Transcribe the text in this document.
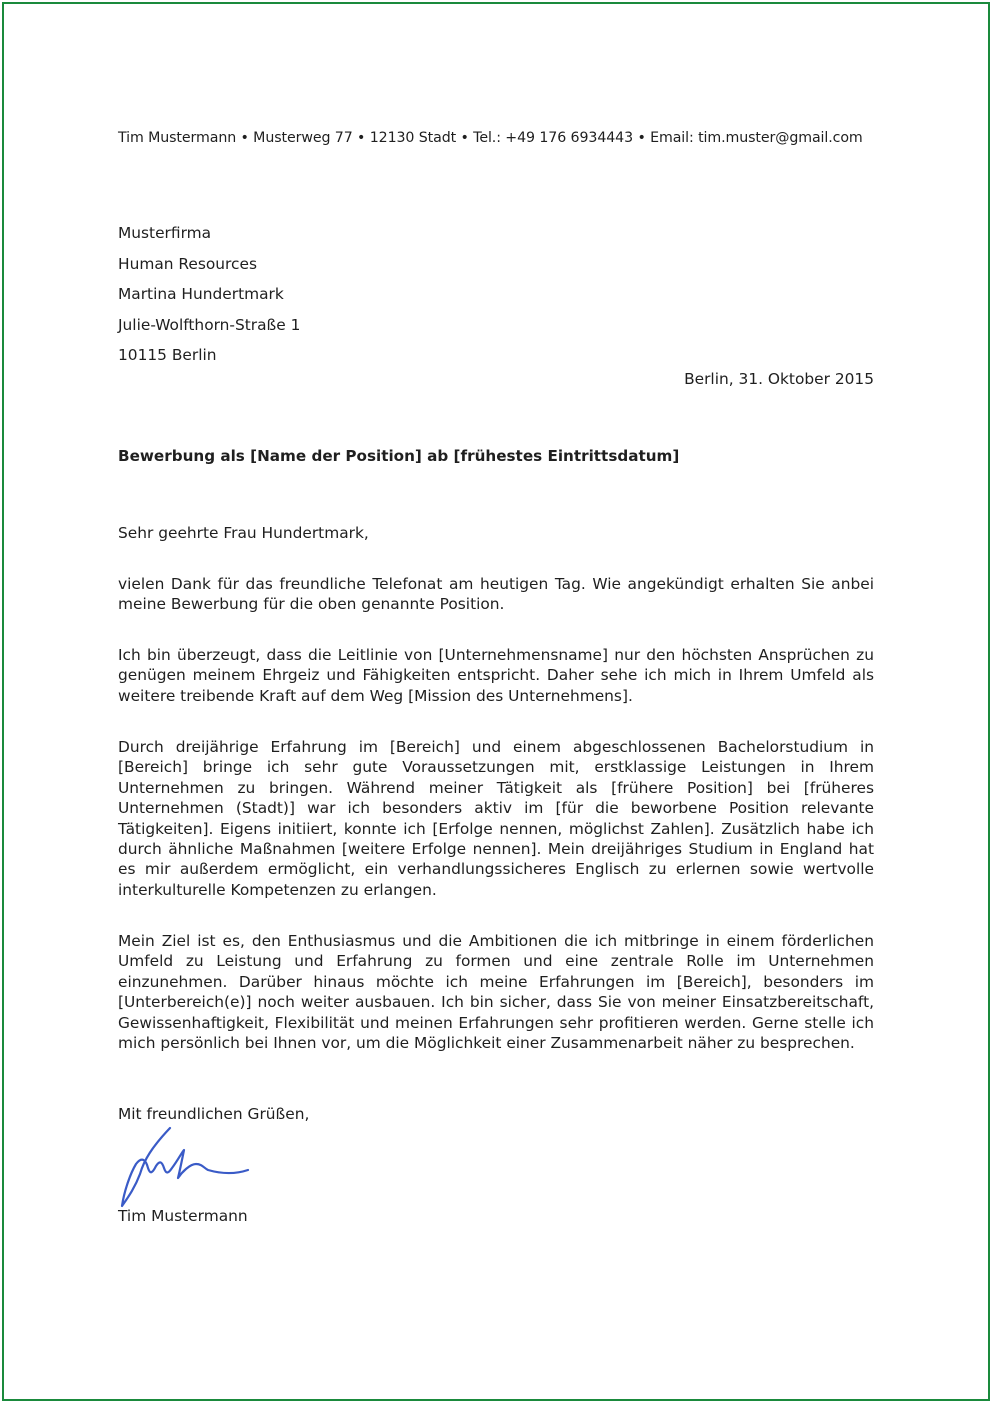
Tim Mustermann • Musterweg 77 • 12130 Stadt • Tel.: +49 176 6934443 • Email: tim.muster@gmail.com
Musterfirma
Human Resources
Martina Hundertmark
Julie-Wolfthorn-Straße 1
10115 Berlin
Berlin, 31. Oktober 2015
Bewerbung als [Name der Position] ab [frühestes Eintrittsdatum]
Sehr geehrte Frau Hundertmark,

vielen Dank für das freundliche Telefonat am heutigen Tag. Wie angekündigt erhalten Sie anbei meine Bewerbung für die oben genannte Position.

Ich bin überzeugt, dass die Leitlinie von [Unternehmensname] nur den höchsten Ansprüchen zu genügen meinem Ehrgeiz und Fähigkeiten entspricht. Daher sehe ich mich in Ihrem Umfeld als weitere treibende Kraft auf dem Weg [Mission des Unternehmens].

Durch dreijährige Erfahrung im [Bereich] und einem abgeschlossenen Bachelorstudium in [Bereich] bringe ich sehr gute Voraussetzungen mit, erstklassige Leistungen in Ihrem Unternehmen zu bringen. Während meiner Tätigkeit als [frühere Position] bei [früheres Unternehmen (Stadt)] war ich besonders aktiv im [für die beworbene Position relevante Tätigkeiten]. Eigens initiiert, konnte ich [Erfolge nennen, möglichst Zahlen]. Zusätzlich habe ich durch ähnliche Maßnahmen [weitere Erfolge nennen]. Mein dreijähriges Studium in England hat es mir außerdem ermöglicht, ein verhandlungssicheres Englisch zu erlernen sowie wertvolle interkulturelle Kompetenzen zu erlangen.

Mein Ziel ist es, den Enthusiasmus und die Ambitionen die ich mitbringe in einem förderlichen Umfeld zu Leistung und Erfahrung zu formen und eine zentrale Rolle im Unternehmen einzunehmen. Darüber hinaus möchte ich meine Erfahrungen im [Bereich], besonders im [Unterbereich(e)] noch weiter ausbauen. Ich bin sicher, dass Sie von meiner Einsatzbereitschaft, Gewissenhaftigkeit, Flexibilität und meinen Erfahrungen sehr profitieren werden. Gerne stelle ich mich persönlich bei Ihnen vor, um die Möglichkeit einer Zusammenarbeit näher zu besprechen.

Mit freundlichen Grüßen,
Tim Mustermann
